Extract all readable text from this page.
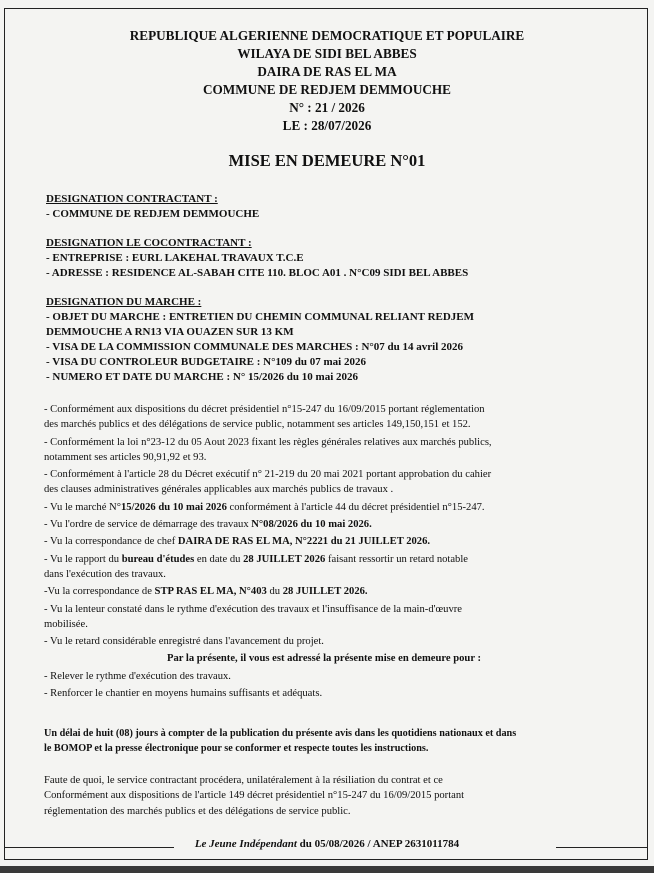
REPUBLIQUE ALGERIENNE DEMOCRATIQUE ET POPULAIRE
WILAYA DE SIDI BEL ABBES
DAIRA DE RAS EL MA
COMMUNE DE REDJEM DEMMOUCHE
N° : 21 / 2026
LE : 28/07/2026
MISE EN DEMEURE N°01
DESIGNATION CONTRACTANT :
- COMMUNE DE REDJEM DEMMOUCHE
DESIGNATION LE COCONTRACTANT :
- ENTREPRISE : EURL LAKEHAL TRAVAUX T.C.E
- ADRESSE : RESIDENCE AL-SABAH CITE 110. BLOC A01 . N°C09 SIDI BEL ABBES
DESIGNATION DU MARCHE :
- OBJET DU MARCHE : ENTRETIEN DU CHEMIN COMMUNAL RELIANT REDJEM
DEMMOUCHE A RN13 VIA OUAZEN SUR 13 KM
- VISA DE LA COMMISSION COMMUNALE DES MARCHES : N°07 du 14 avril 2026
- VISA DU CONTROLEUR BUDGETAIRE : N°109 du 07 mai 2026
- NUMERO ET DATE DU MARCHE : N° 15/2026 du 10 mai 2026

- Conformément aux dispositions du décret présidentiel n°15-247 du 16/09/2015 portant réglementation
des marchés publics et des délégations de service public, notamment ses articles 149,150,151 et 152.

- Conformément la loi n°23-12 du 05 Aout 2023 fixant les règles générales relatives aux marchés publics,
notamment ses articles 90,91,92 et 93.

- Conformément à l'article 28 du Décret exécutif n° 21-219 du 20 mai 2021 portant approbation du cahier
des clauses administratives générales applicables aux marchés publics de travaux .

- Vu le marché N°15/2026 du 10 mai 2026 conformément à l'article 44 du décret présidentiel n°15-247.

- Vu l'ordre de service de démarrage des travaux N°08/2026 du 10 mai 2026.

- Vu la correspondance de chef DAIRA DE RAS EL MA, N°2221 du 21 JUILLET 2026.

- Vu le rapport du bureau d'études en date du 28 JUILLET 2026 faisant ressortir un retard notable
dans l'exécution des travaux.

-Vu la correspondance de STP RAS EL MA, N°403 du 28 JUILLET 2026.

- Vu la lenteur constaté dans le rythme d'exécution des travaux et l'insuffisance de la main-d'œuvre
mobilisée.

- Vu le retard considérable enregistré dans l'avancement du projet.

Par la présente, il vous est adressé la présente mise en demeure pour :

- Relever le rythme d'exécution des travaux.

- Renforcer le chantier en moyens humains suffisants et adéquats.

Un délai de huit (08) jours à compter de la publication du présente avis dans les quotidiens nationaux et dans
le BOMOP et la presse électronique pour se conformer et respecte toutes les instructions.
Faute de quoi, le service contractant procédera, unilatéralement à la résiliation du contrat et ce
Conformément aux dispositions de l'article 149 décret présidentiel n°15-247 du 16/09/2015 portant
réglementation des marchés publics et des délégations de service public.
Le Jeune Indépendant du 05/08/2026 / ANEP 2631011784
